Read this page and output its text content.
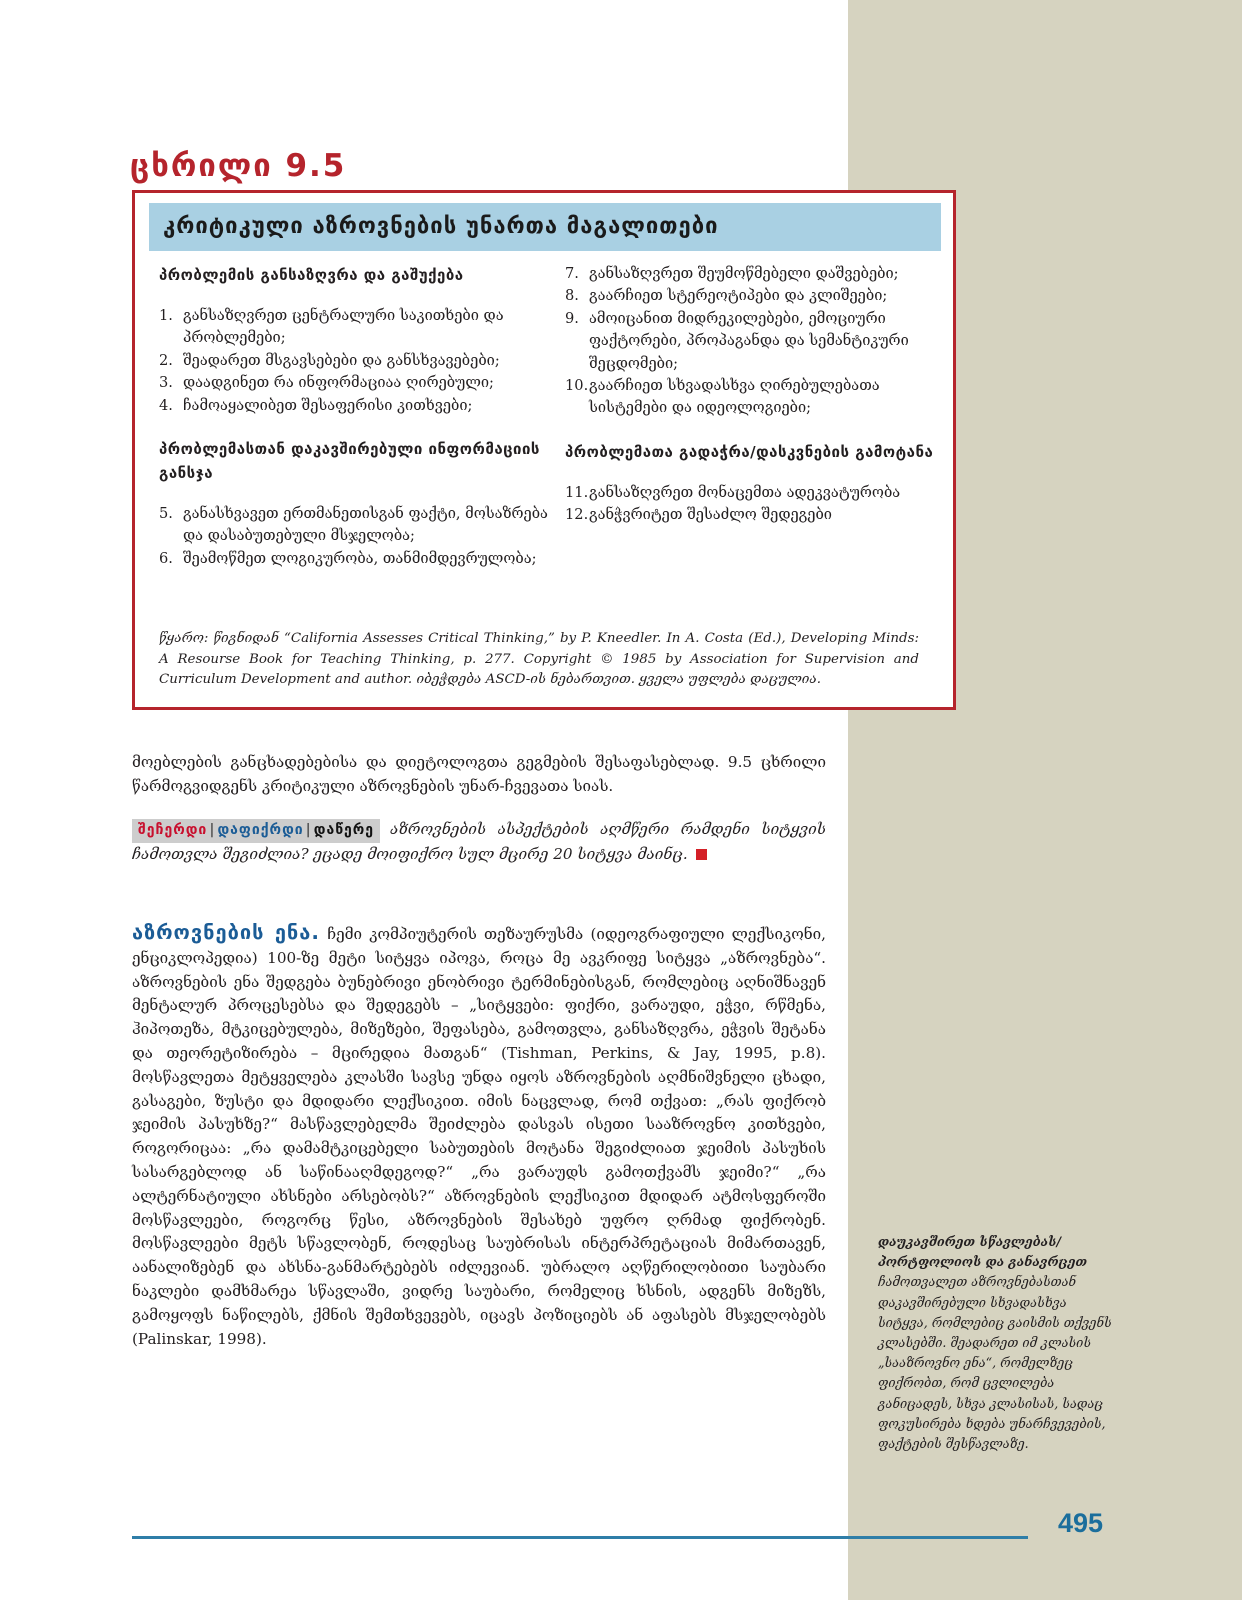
ცხრილი 9.5
კრიტიკული აზროვნების უნართა მაგალითები
პრობლემის განსაზღვრა და გაშუქება
1. განსაზღვრეთ ცენტრალური საკითხები და პრობლემები;
2. შეადარეთ მსგავსებები და განსხვავებები;
3. დაადგინეთ რა ინფორმაციაა ღირებული;
4. ჩამოაყალიბეთ შესაფერისი კითხვები;
პრობლემასთან დაკავშირებული ინფორმაციის განსჯა
5. განასხვავეთ ერთმანეთისგან ფაქტი, მოსაზრება და დასაბუთებული მსჯელობა;
6. შეამოწმეთ ლოგიკურობა, თანმიმდევრულობა;
7. განსაზღვრეთ შეუმოწმებელი დაშვებები;
8. გაარჩიეთ სტერეოტიპები და კლიშეები;
9. ამოიცანით მიდრეკილებები, ემოციური ფაქტორები, პროპაგანდა და სემანტიკური შეცდომები;
10. გაარჩიეთ სხვადასხვა ღირებულებათა სისტემები და იდეოლოგიები;
პრობლემათა გადაჭრა/დასკვნების გამოტანა
11. განსაზღვრეთ მონაცემთა ადეკვატურობა
12. განჭვრიტეთ შესაძლო შედეგები
წყარო: წიგნიდან “California Assesses Critical Thinking,” by P. Kneedler. In A. Costa (Ed.), Developing Minds: A Resourse Book for Teaching Thinking, p. 277. Copyright © 1985 by Association for Supervision and Curriculum Development and author. იბეჭდება ASCD-ის ნებართვით. ყველა უფლება დაცულია.
მოებლების განცხადებებისა და დიეტოლოგთა გეგმების შესაფასებლად. 9.5 ცხრილი წარმოგვიდგენს კრიტიკული აზროვნების უნარ-ჩვევათა სიას.
შეჩერდი | დაფიქრდი | დაწერე აზროვნების ასპექტების აღმწერი რამდენი სიტყვის ჩამოთვლა შეგიძლია? ეცადე მოიფიქრო სულ მცირე 20 სიტყვა მაინც.
აზროვნების ენა. ჩემი კომპიუტერის თეზაურუსმა (იდეოგრაფიული ლექსიკონი, ენციკლოპედია) 100-ზე მეტი სიტყვა იპოვა, როცა მე ავკრიფე სიტყვა „აზროვნება“. აზროვნების ენა შედგება ბუნებრივი ენობრივი ტერმინებისგან, რომლებიც აღნიშნავენ მენტალურ პროცესებსა და შედეგებს – „სიტყვები: ფიქრი, ვარაუდი, ეჭვი, რწმენა, ჰიპოთეზა, მტკიცებულება, მიზეზები, შეფასება, გამოთვლა, განსაზღვრა, ეჭვის შეტანა და თეორეტიზირება – მცირედია მათგან“ (Tishman, Perkins, & Jay, 1995, p.8). მოსწავლეთა მეტყველება კლასში სავსე უნდა იყოს აზროვნების აღმნიშვნელი ცხადი, გასაგები, ზუსტი და მდიდარი ლექსიკით. იმის ნაცვლად, რომ თქვათ: „რას ფიქრობ ჯეიმის პასუხზე?“ მასწავლებელმა შეიძლება დასვას ისეთი სააზროვნო კითხვები, როგორიცაა: „რა დამამტკიცებელი საბუთების მოტანა შეგიძლიათ ჯეიმის პასუხის სასარგებლოდ ან საწინააღმდეგოდ?“ „რა ვარაუდს გამოთქვამს ჯეიმი?“ „რა ალტერნატიული ახსნები არსებობს?“ აზროვნების ლექსიკით მდიდარ ატმოსფეროში მოსწავლეები, როგორც წესი, აზროვნების შესახებ უფრო ღრმად ფიქრობენ. მოსწავლეები მეტს სწავლობენ, როდესაც საუბრისას ინტერპრეტაციას მიმართავენ, აანალიზებენ და ახსნა-განმარტებებს იძლევიან. უბრალო აღწერილობითი საუბარი ნაკლები დამხმარეა სწავლაში, ვიდრე საუბარი, რომელიც ხსნის, ადგენს მიზეზს, გამოყოფს ნაწილებს, ქმნის შემთხვევებს, იცავს პოზიციებს ან აფასებს მსჯელობებს (Palinskar, 1998).
დაუკავშირეთ სწავლებას/ პორტფოლიოს და განავრცეთ
ჩამოთვალეთ აზროვნებასთან დაკავშირებული სხვადასხვა სიტყვა, რომლებიც გაისმის თქვენს კლასებში. შეადარეთ იმ კლასის „სააზროვნო ენა“, რომელზეც ფიქრობთ, რომ ცვლილება განიცადეს, სხვა კლასისას, სადაც ფოკუსირება ხდება უნარჩვევების, ფაქტების შესწავლაზე.
495
